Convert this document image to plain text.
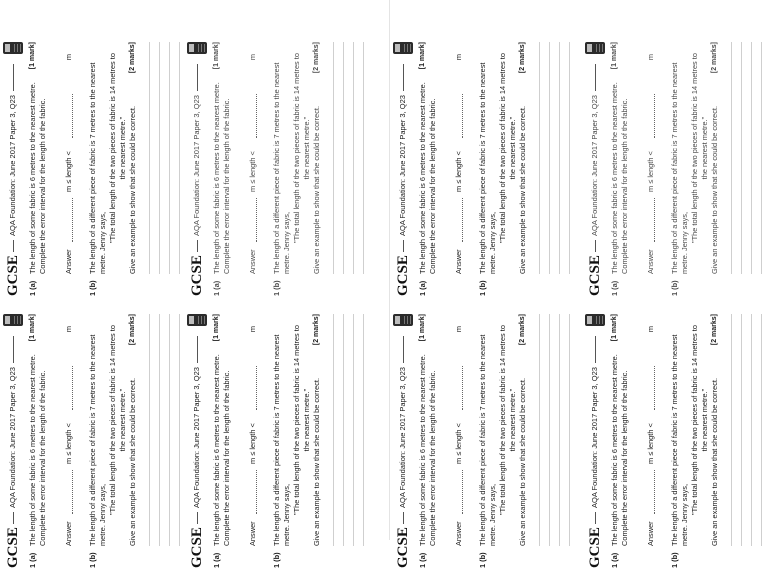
GCSE
AQA Foundation: June 2017 Paper 3, Q23
1 (a)
The length of some fabric is 6 metres to the nearest metre. Complete the error interval for the length of the fabric.
[1 mark]
Answer
m ≤ length <
m
1 (b)
The length of a different piece of fabric is 7 metres to the nearest metre. Jenny says, "The total length of the two pieces of fabric is 14 metres to the nearest metre." Give an example to show that she could be correct.
[2 marks]
GCSE
AQA Foundation: June 2017 Paper 3, Q23
1 (a)
The length of some fabric is 6 metres to the nearest metre. Complete the error interval for the length of the fabric.
[1 mark]
Answer
m ≤ length <
m
1 (b)
The length of a different piece of fabric is 7 metres to the nearest metre. Jenny says, "The total length of the two pieces of fabric is 14 metres to the nearest metre." Give an example to show that she could be correct.
[2 marks]
GCSE
AQA Foundation: June 2017 Paper 3, Q23
1 (a)
The length of some fabric is 6 metres to the nearest metre. Complete the error interval for the length of the fabric.
[1 mark]
Answer
m ≤ length <
m
1 (b)
The length of a different piece of fabric is 7 metres to the nearest metre. Jenny says, "The total length of the two pieces of fabric is 14 metres to the nearest metre." Give an example to show that she could be correct.
[2 marks]
GCSE
AQA Foundation: June 2017 Paper 3, Q23
1 (a)
The length of some fabric is 6 metres to the nearest metre. Complete the error interval for the length of the fabric.
[1 mark]
Answer
m ≤ length <
m
1 (b)
The length of a different piece of fabric is 7 metres to the nearest metre. Jenny says, "The total length of the two pieces of fabric is 14 metres to the nearest metre." Give an example to show that she could be correct.
[2 marks]
GCSE
AQA Foundation: June 2017 Paper 3, Q23
1 (a)
The length of some fabric is 6 metres to the nearest metre. Complete the error interval for the length of the fabric.
[1 mark]
Answer
m ≤ length <
m
1 (b)
The length of a different piece of fabric is 7 metres to the nearest metre. Jenny says, "The total length of the two pieces of fabric is 14 metres to the nearest metre." Give an example to show that she could be correct.
[2 marks]
GCSE
AQA Foundation: June 2017 Paper 3, Q23
1 (a)
The length of some fabric is 6 metres to the nearest metre. Complete the error interval for the length of the fabric.
[1 mark]
Answer
m ≤ length <
m
1 (b)
The length of a different piece of fabric is 7 metres to the nearest metre. Jenny says, "The total length of the two pieces of fabric is 14 metres to the nearest metre." Give an example to show that she could be correct.
[2 marks]
GCSE
AQA Foundation: June 2017 Paper 3, Q23
1 (a)
The length of some fabric is 6 metres to the nearest metre. Complete the error interval for the length of the fabric.
[1 mark]
Answer
m ≤ length <
m
1 (b)
The length of a different piece of fabric is 7 metres to the nearest metre. Jenny says, "The total length of the two pieces of fabric is 14 metres to the nearest metre." Give an example to show that she could be correct.
[2 marks]
GCSE
AQA Foundation: June 2017 Paper 3, Q23
1 (a)
The length of some fabric is 6 metres to the nearest metre. Complete the error interval for the length of the fabric.
[1 mark]
Answer
m ≤ length <
m
1 (b)
The length of a different piece of fabric is 7 metres to the nearest metre. Jenny says, "The total length of the two pieces of fabric is 14 metres to the nearest metre." Give an example to show that she could be correct.
[2 marks]
